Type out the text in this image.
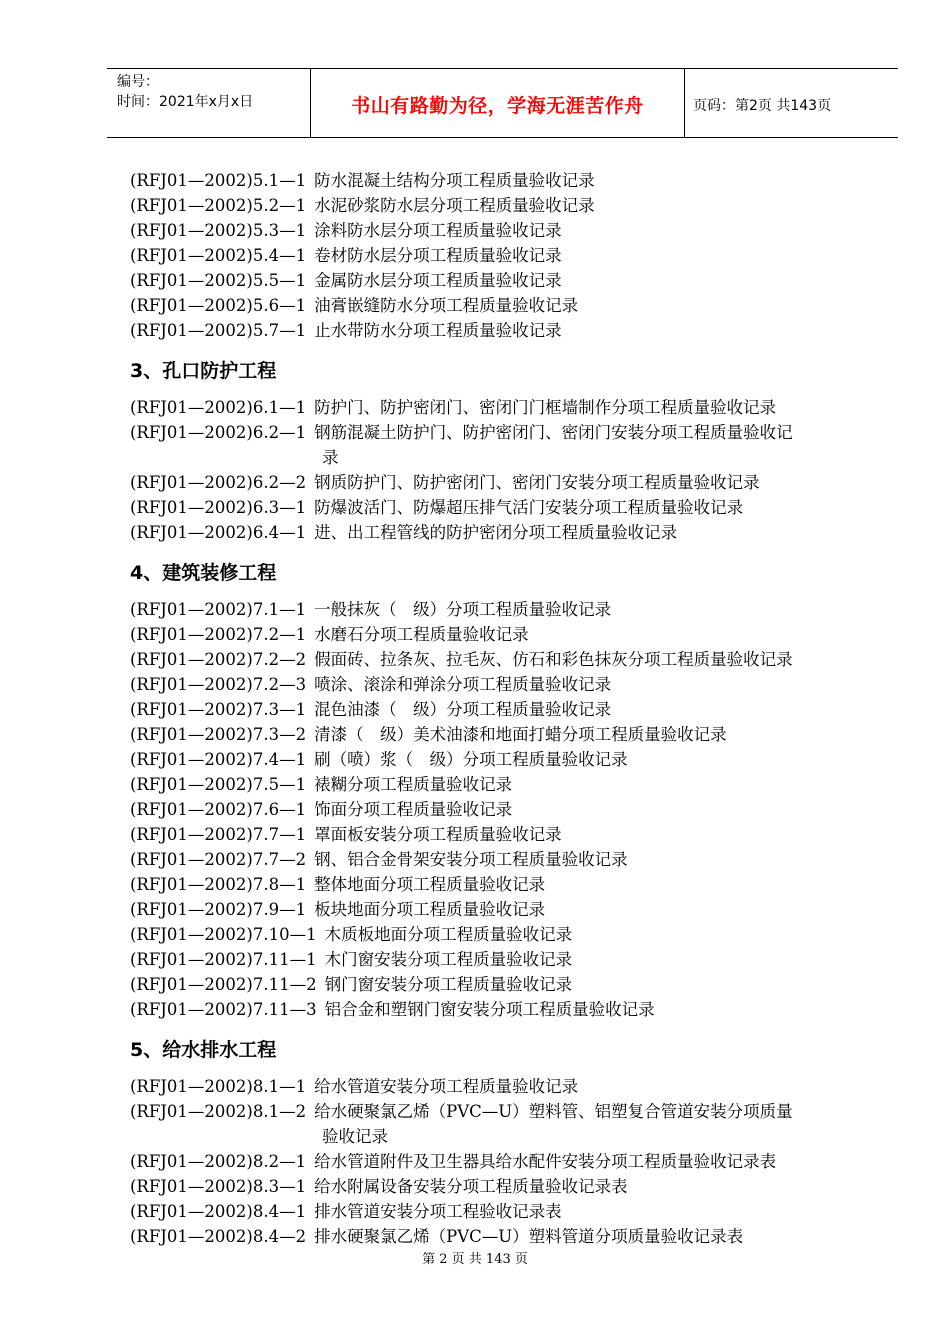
编号：
时间：2021年x月x日	书山有路勤为径，学海无涯苦作舟	页码：第2页 共143页
(RFJ01—2002)5.1—1 防水混凝土结构分项工程质量验收记录
(RFJ01—2002)5.2—1 水泥砂浆防水层分项工程质量验收记录
(RFJ01—2002)5.3—1 涂料防水层分项工程质量验收记录
(RFJ01—2002)5.4—1 卷材防水层分项工程质量验收记录
(RFJ01—2002)5.5—1 金属防水层分项工程质量验收记录
(RFJ01—2002)5.6—1 油膏嵌缝防水分项工程质量验收记录
(RFJ01—2002)5.7—1 止水带防水分项工程质量验收记录
3、孔口防护工程
(RFJ01—2002)6.1—1 防护门、防护密闭门、密闭门门框墙制作分项工程质量验收记录
(RFJ01—2002)6.2—1 钢筋混凝土防护门、防护密闭门、密闭门安装分项工程质量验收记
录
(RFJ01—2002)6.2—2 钢质防护门、防护密闭门、密闭门安装分项工程质量验收记录
(RFJ01—2002)6.3—1 防爆波活门、防爆超压排气活门安装分项工程质量验收记录
(RFJ01—2002)6.4—1 进、出工程管线的防护密闭分项工程质量验收记录
4、建筑装修工程
(RFJ01—2002)7.1—1 一般抹灰（　级）分项工程质量验收记录
(RFJ01—2002)7.2—1 水磨石分项工程质量验收记录
(RFJ01—2002)7.2—2 假面砖、拉条灰、拉毛灰、仿石和彩色抹灰分项工程质量验收记录
(RFJ01—2002)7.2—3 喷涂、滚涂和弹涂分项工程质量验收记录
(RFJ01—2002)7.3—1 混色油漆（　级）分项工程质量验收记录
(RFJ01—2002)7.3—2 清漆（　级）美术油漆和地面打蜡分项工程质量验收记录
(RFJ01—2002)7.4—1 刷（喷）浆（　级）分项工程质量验收记录
(RFJ01—2002)7.5—1 裱糊分项工程质量验收记录
(RFJ01—2002)7.6—1 饰面分项工程质量验收记录
(RFJ01—2002)7.7—1 罩面板安装分项工程质量验收记录
(RFJ01—2002)7.7—2 钢、铝合金骨架安装分项工程质量验收记录
(RFJ01—2002)7.8—1 整体地面分项工程质量验收记录
(RFJ01—2002)7.9—1 板块地面分项工程质量验收记录
(RFJ01—2002)7.10—1 木质板地面分项工程质量验收记录
(RFJ01—2002)7.11—1 木门窗安装分项工程质量验收记录
(RFJ01—2002)7.11—2 钢门窗安装分项工程质量验收记录
(RFJ01—2002)7.11—3 铝合金和塑钢门窗安装分项工程质量验收记录
5、给水排水工程
(RFJ01—2002)8.1—1 给水管道安装分项工程质量验收记录
(RFJ01—2002)8.1—2 给水硬聚氯乙烯（PVC—U）塑料管、铝塑复合管道安装分项质量
验收记录
(RFJ01—2002)8.2—1 给水管道附件及卫生器具给水配件安装分项工程质量验收记录表
(RFJ01—2002)8.3—1 给水附属设备安装分项工程质量验收记录表
(RFJ01—2002)8.4—1 排水管道安装分项工程验收记录表
(RFJ01—2002)8.4—2 排水硬聚氯乙烯（PVC—U）塑料管道分项质量验收记录表
第 2 页 共 143 页
